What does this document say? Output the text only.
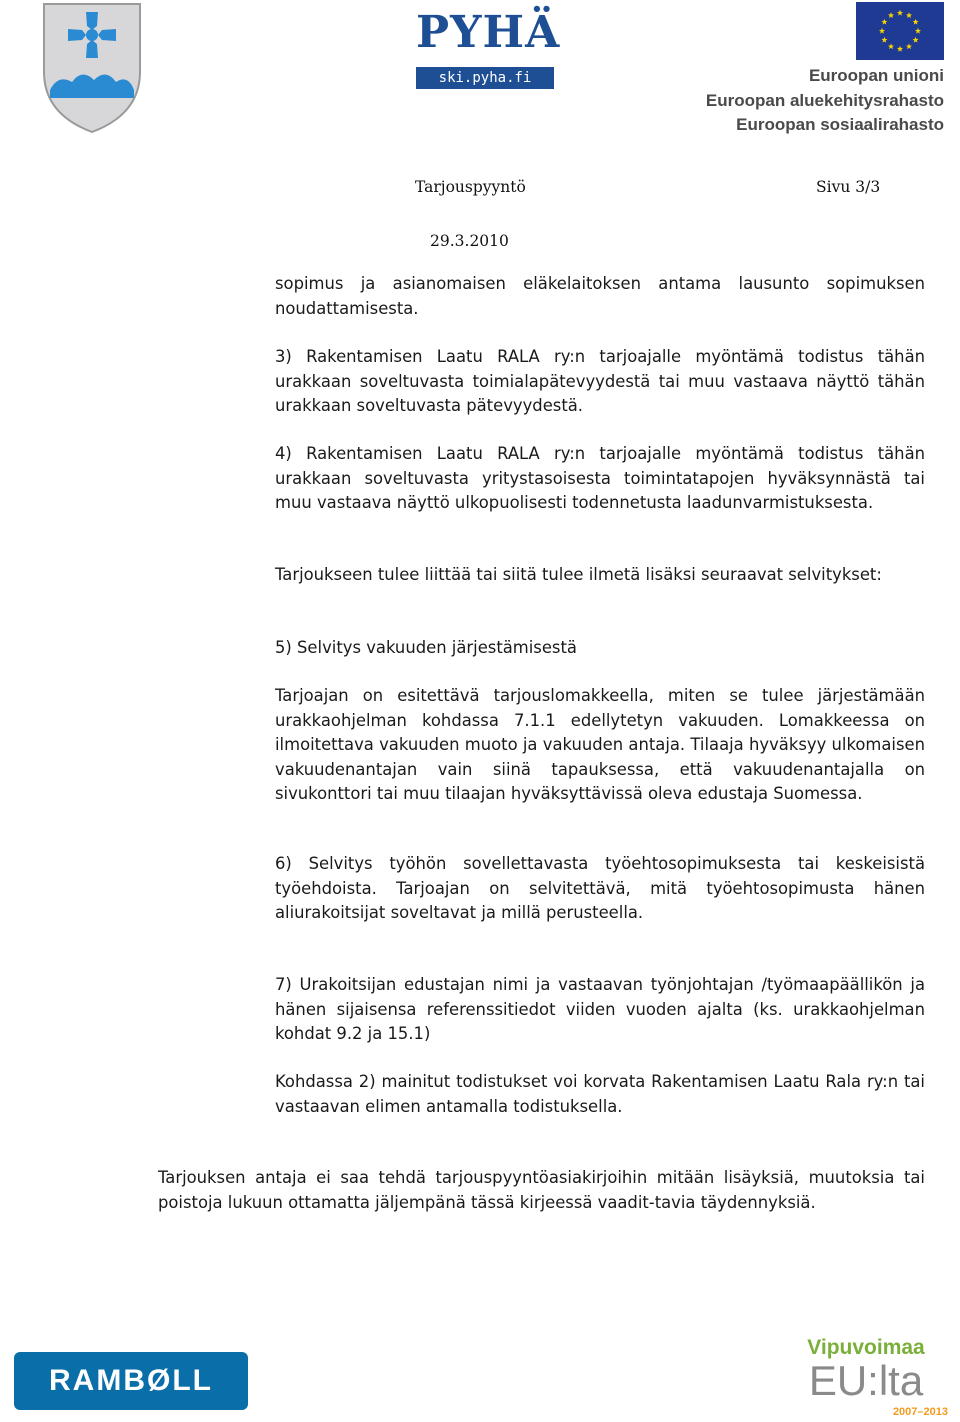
PYHÄ
ski.pyha.fi	Euroopan unioni
Euroopan aluekehitysrahasto
Euroopan sosiaalirahasto
Tarjouspyyntö	Sivu 3/3
29.3.2010
sopimus ja asianomaisen eläkelaitoksen antama lausunto sopimuksen noudattamisesta.
3) Rakentamisen Laatu RALA ry:n tarjoajalle myöntämä todistus tähän urakkaan soveltuvasta toimialapätevyydestä tai muu vastaava näyttö tähän urakkaan soveltuvasta pätevyydestä.
4) Rakentamisen Laatu RALA ry:n tarjoajalle myöntämä todistus tähän urakkaan soveltuvasta yritystasoisesta toimintatapojen hyväksynnästä tai muu vastaava näyttö ulkopuolisesti todennetusta laadunvarmistuksesta.
Tarjoukseen tulee liittää tai siitä tulee ilmetä lisäksi seuraavat selvitykset:
5) Selvitys vakuuden järjestämisestä
Tarjoajan on esitettävä tarjouslomakkeella, miten se tulee järjestämään urakkaohjelman kohdassa 7.1.1 edellytetyn vakuuden. Lomakkeessa on ilmoitettava vakuuden muoto ja vakuuden antaja. Tilaaja hyväksyy ulkomaisen vakuudenantajan vain siinä tapauksessa, että vakuudenantajalla on sivukonttori tai muu tilaajan hyväksyttävissä oleva edustaja Suomessa.
6) Selvitys työhön sovellettavasta työehtosopimuksesta tai keskeisistä työehdoista. Tarjoajan on selvitettävä, mitä työehtosopimusta hänen aliurakoitsijat soveltavat ja millä perusteella.
7) Urakoitsijan edustajan nimi ja vastaavan työnjohtajan /työmaapäällikön ja hänen sijaisensa referenssitiedot viiden vuoden ajalta (ks. urakkaohjelman kohdat 9.2 ja 15.1)
Kohdassa 2) mainitut todistukset voi korvata Rakentamisen Laatu Rala ry:n tai vastaavan elimen antamalla todistuksella.
Tarjouksen antaja ei saa tehdä tarjouspyyntöasiakirjoihin mitään lisäyksiä, muutoksia tai poistoja lukuun ottamatta jäljempänä tässä kirjeessä vaadit-tavia täydennyksiä.
RAMBØLL
Vipuvoimaa
EU:lta
2007–2013
